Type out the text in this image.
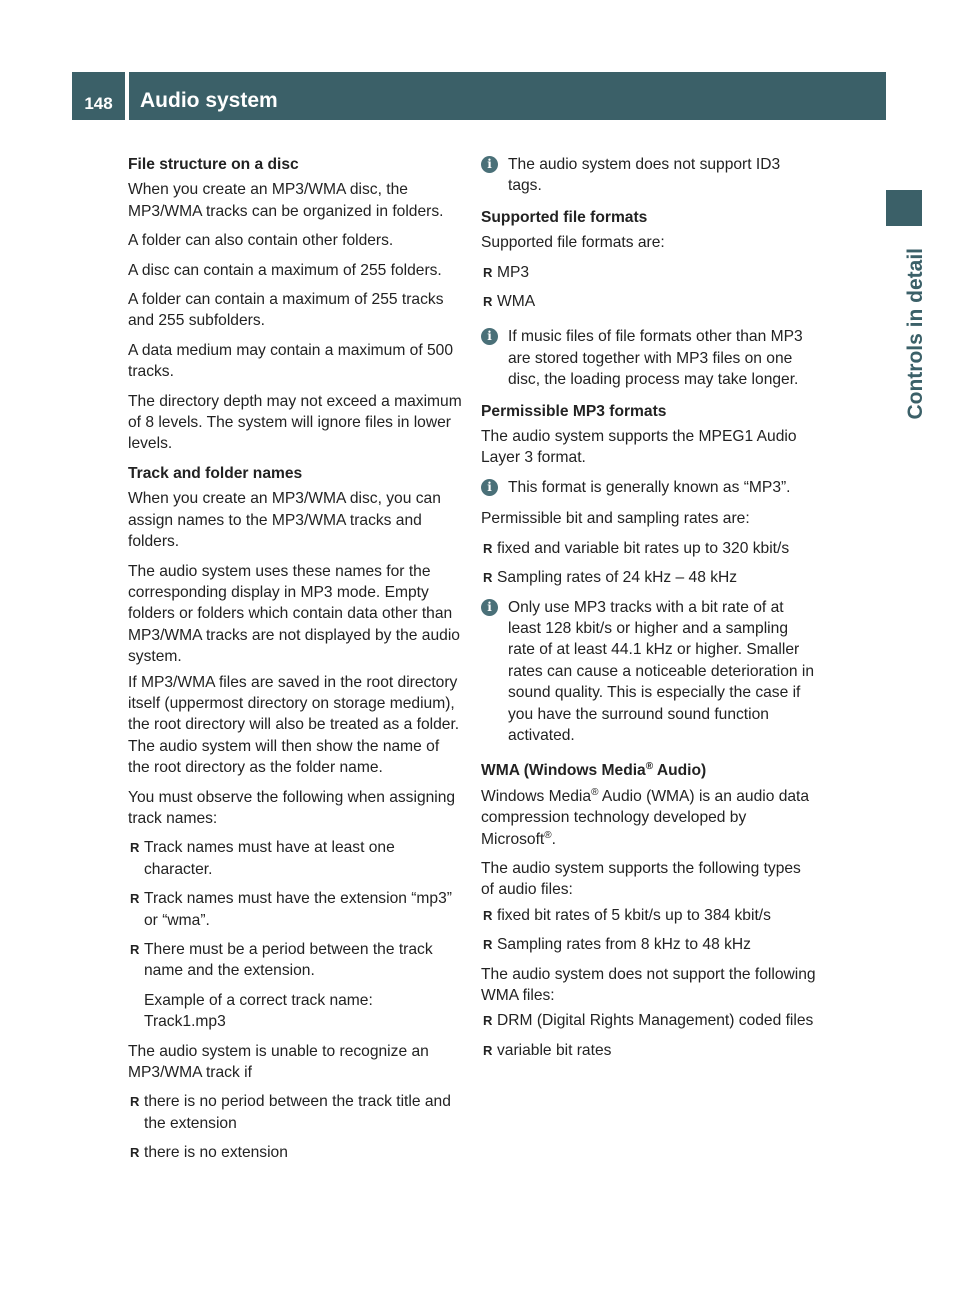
148	Audio system
Controls in detail

File structure on a disc

When you create an MP3/WMA disc, the MP3/WMA tracks can be organized in folders.

A folder can also contain other folders.

A disc can contain a maximum of 255 folders.

A folder can contain a maximum of 255 tracks and 255 subfolders.

A data medium may contain a maximum of 500 tracks.

The directory depth may not exceed a maximum of 8 levels. The system will ignore files in lower levels.

Track and folder names

When you create an MP3/WMA disc, you can assign names to the MP3/WMA tracks and folders.

The audio system uses these names for the corresponding display in MP3 mode. Empty folders or folders which contain data other than MP3/WMA tracks are not displayed by the audio system.

If MP3/WMA files are saved in the root directory itself (uppermost directory on storage medium), the root directory will also be treated as a folder. The audio system will then show the name of the root directory as the folder name.

You must observe the following when assigning track names:

R Track names must have at least one character.
R Track names must have the extension “mp3” or “wma”.
R There must be a period between the track name and the extension.
Example of a correct track name:
Track1.mp3

The audio system is unable to recognize an MP3/WMA track if

R there is no period between the track title and the extension
R there is no extension
i	The audio system does not support ID3 tags.

Supported file formats

Supported file formats are:

R MP3
R WMA
i	If music files of file formats other than MP3 are stored together with MP3 files on one disc, the loading process may take longer.

Permissible MP3 formats

The audio system supports the MPEG1 Audio Layer 3 format.

i	This format is generally known as “MP3”.

Permissible bit and sampling rates are:

R fixed and variable bit rates up to 320 kbit/s
R Sampling rates of 24 kHz – 48 kHz
i	Only use MP3 tracks with a bit rate of at least 128 kbit/s or higher and a sampling rate of at least 44.1 kHz or higher. Smaller rates can cause a noticeable deterioration in sound quality. This is especially the case if you have the surround sound function activated.

WMA (Windows Media® Audio)

Windows Media® Audio (WMA) is an audio data compression technology developed by Microsoft®.

The audio system supports the following types of audio files:

R fixed bit rates of 5 kbit/s up to 384 kbit/s
R Sampling rates from 8 kHz to 48 kHz

The audio system does not support the following WMA files:

R DRM (Digital Rights Management) coded files
R variable bit rates
